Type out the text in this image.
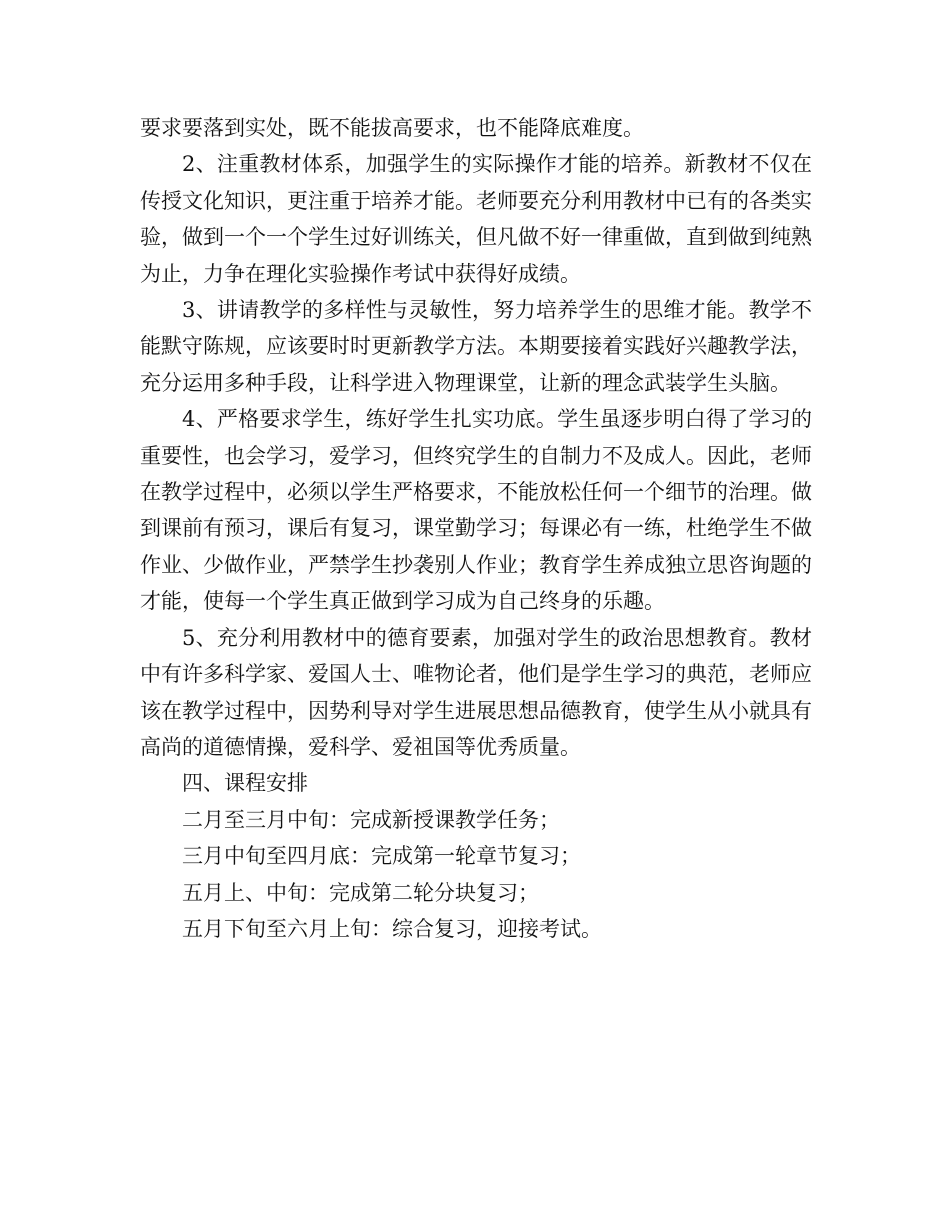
要求要落到实处，既不能拔高要求，也不能降底难度。

2、注重教材体系，加强学生的实际操作才能的培养。新教材不仅在传授文化知识，更注重于培养才能。老师要充分利用教材中已有的各类实验，做到一个一个学生过好训练关，但凡做不好一律重做，直到做到纯熟为止，力争在理化实验操作考试中获得好成绩。

3、讲请教学的多样性与灵敏性，努力培养学生的思维才能。教学不能默守陈规，应该要时时更新教学方法。本期要接着实践好兴趣教学法，充分运用多种手段，让科学进入物理课堂，让新的理念武装学生头脑。

4、严格要求学生，练好学生扎实功底。学生虽逐步明白得了学习的重要性，也会学习，爱学习，但终究学生的自制力不及成人。因此，老师在教学过程中，必须以学生严格要求，不能放松任何一个细节的治理。做到课前有预习，课后有复习，课堂勤学习；每课必有一练，杜绝学生不做作业、少做作业，严禁学生抄袭别人作业；教育学生养成独立思咨询题的才能，使每一个学生真正做到学习成为自己终身的乐趣。

5、充分利用教材中的德育要素，加强对学生的政治思想教育。教材中有许多科学家、爱国人士、唯物论者，他们是学生学习的典范，老师应该在教学过程中，因势利导对学生进展思想品德教育，使学生从小就具有高尚的道德情操，爱科学、爱祖国等优秀质量。

四、课程安排

二月至三月中旬：完成新授课教学任务；

三月中旬至四月底：完成第一轮章节复习；

五月上、中旬：完成第二轮分块复习；

五月下旬至六月上旬：综合复习，迎接考试。
